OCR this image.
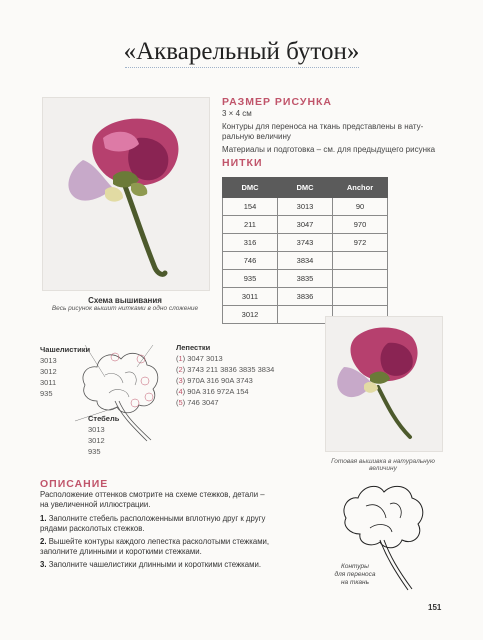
«Акварельный бутон»
Схема вышивания
Весь рисунок вышит нитками в одно сложение
РАЗМЕР РИСУНКА
3 × 4 см
Контуры для переноса на ткань представлены в нату-
ральную величину
Материалы и подготовка – см. для предыдущего рисунка
НИТКИ
DMC	DMC	Anchor
154	3013	90
211	3047	970
316	3743	972
746	3834	
935	3835	
3011	3836	
3012		
Чашелистики
3013
3012
3011
935
Лепестки
(1) 3047 3013
(2) 3743 211 3836 3835 3834
(3) 970A 316 90A 3743
(4) 90A 316 972A 154
(5) 746 3047
Стебель
3013
3012
935
Готовая вышивка в натуральную величину
ОПИСАНИЕ
Расположение оттенков смотрите на схеме стежков, детали –
на увеличенной иллюстрации.
1. Заполните стебель расположенными вплотную друг к другу
рядами расколотых стежков.
2. Вышейте контуры каждого лепестка расколотыми стежками,
заполните длинными и короткими стежками.
3. Заполните чашелистики длинными и короткими стежками.	Контуры
для переноса
на ткань
151
